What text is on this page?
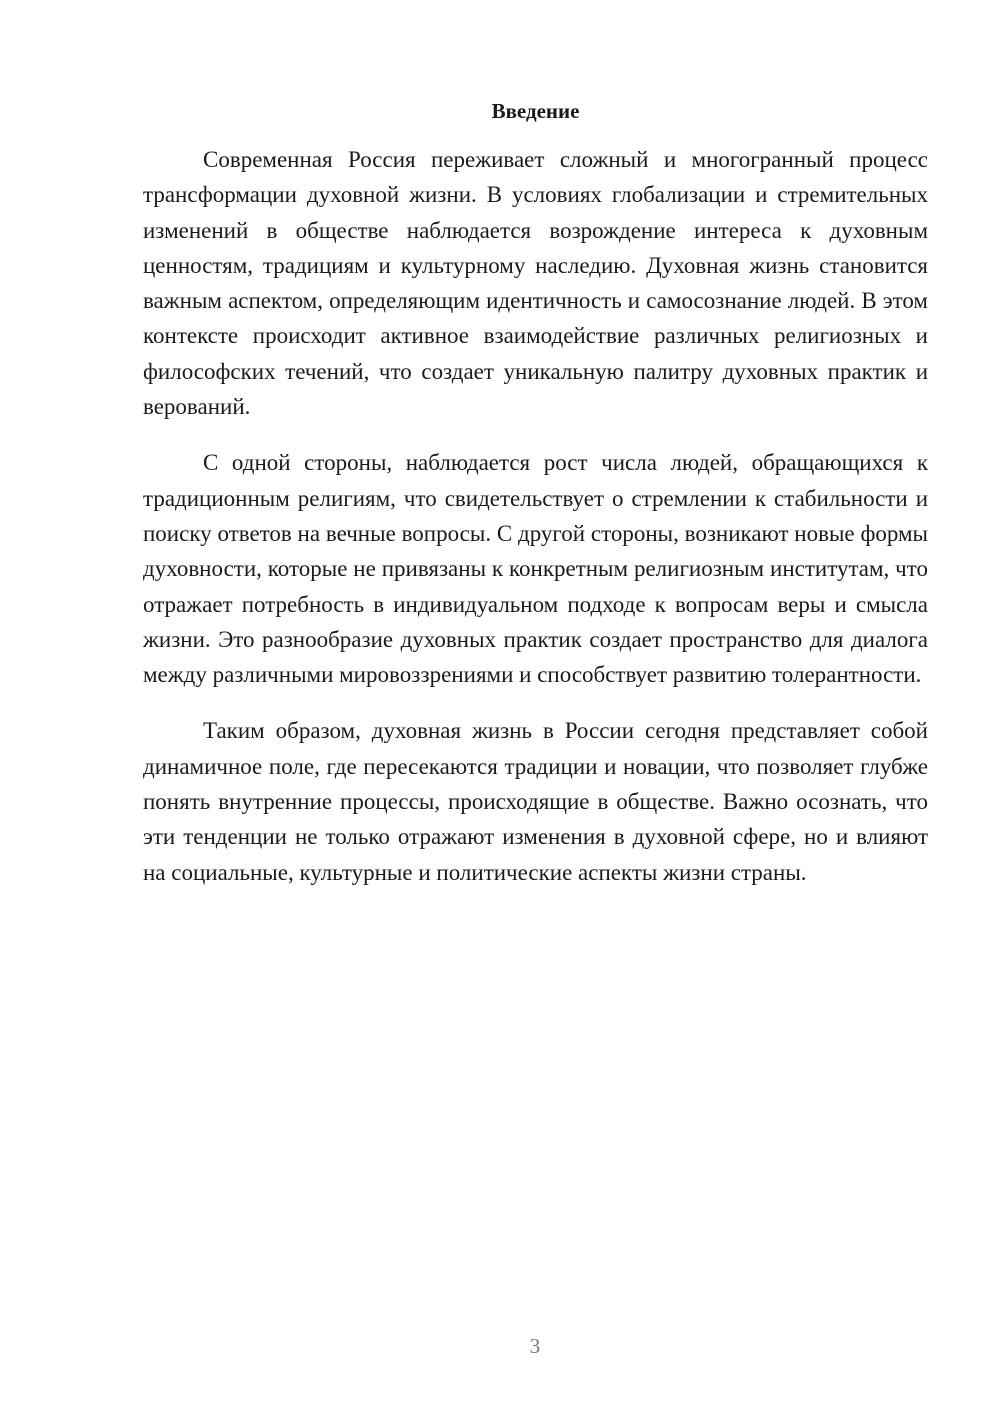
Введение

Современная Россия переживает сложный и многогранный процесс трансформации духовной жизни. В условиях глобализации и стремительных изменений в обществе наблюдается возрождение интереса к духовным ценностям, традициям и культурному наследию. Духовная жизнь становится важным аспектом, определяющим идентичность и самосознание людей. В этом контексте происходит активное взаимодействие различных религиозных и философских течений, что создает уникальную палитру духовных практик и верований.

С одной стороны, наблюдается рост числа людей, обращающихся к традиционным религиям, что свидетельствует о стремлении к стабильности и поиску ответов на вечные вопросы. С другой стороны, возникают новые формы духовности, которые не привязаны к конкретным религиозным институтам, что отражает потребность в индивидуальном подходе к вопросам веры и смысла жизни. Это разнообразие духовных практик создает пространство для диалога между различными мировоззрениями и способствует развитию толерантности.

Таким образом, духовная жизнь в России сегодня представляет собой динамичное поле, где пересекаются традиции и новации, что позволяет глубже понять внутренние процессы, происходящие в обществе. Важно осознать, что эти тенденции не только отражают изменения в духовной сфере, но и влияют на социальные, культурные и политические аспекты жизни страны.

3
